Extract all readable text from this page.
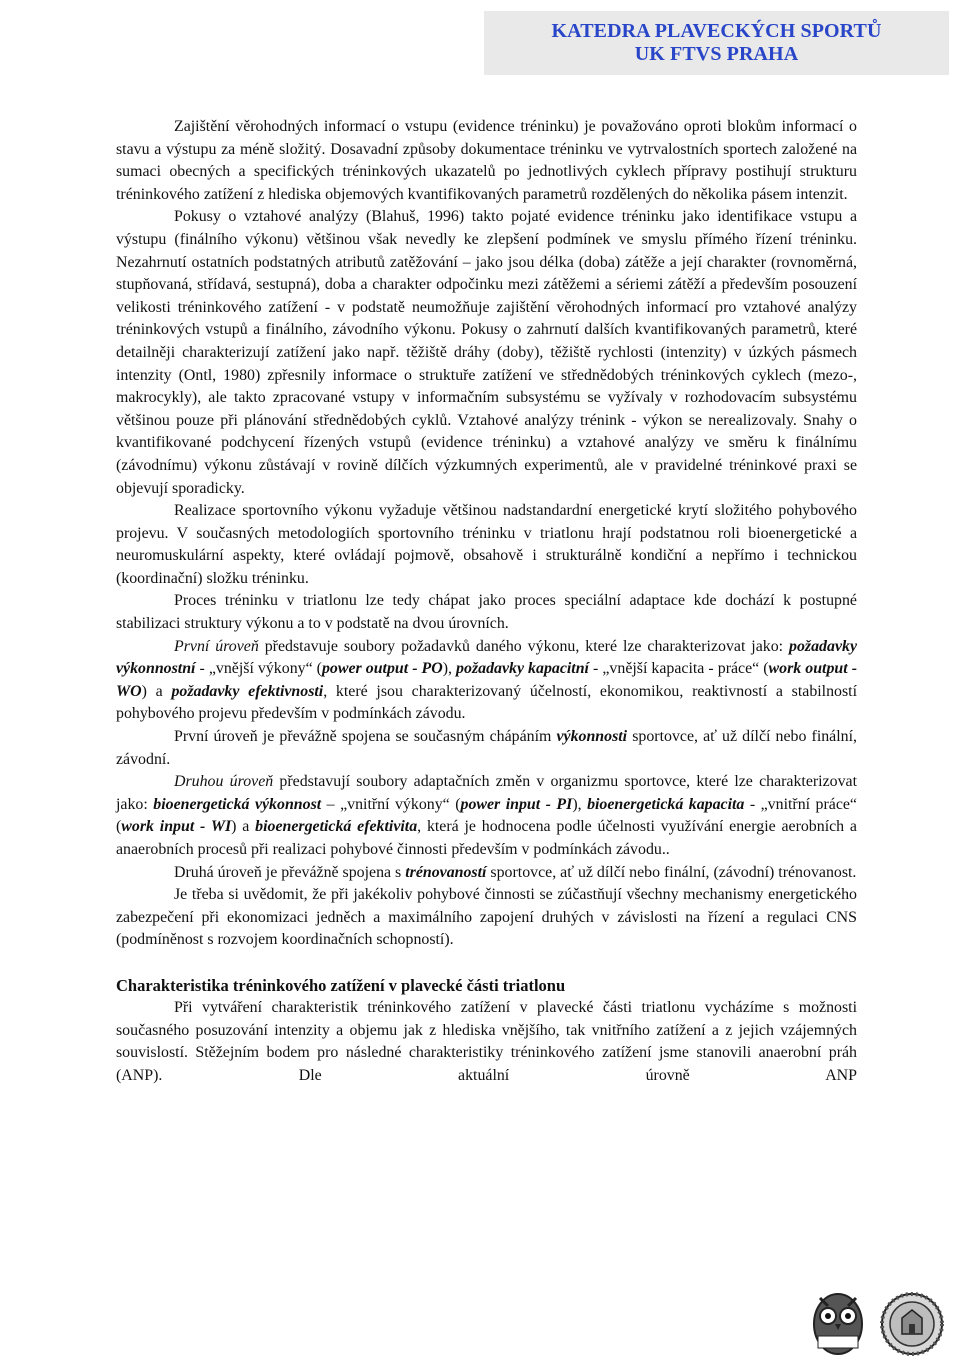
KATEDRA PLAVECKÝCH SPORTŮ
UK FTVS PRAHA

Zajištění věrohodných informací o vstupu (evidence tréninku) je považováno oproti blokům informací o stavu a výstupu za méně složitý. Dosavadní způsoby dokumentace tréninku ve vytrvalostních sportech založené na sumaci obecných a specifických tréninkových ukazatelů po jednotlivých cyklech přípravy postihují strukturu tréninkového zatížení z hlediska objemových kvantifikovaných parametrů rozdělených do několika pásem intenzit.

Pokusy o vztahové analýzy (Blahuš, 1996) takto pojaté evidence tréninku jako identifikace vstupu a výstupu (finálního výkonu) většinou však nevedly ke zlepšení podmínek ve smyslu přímého řízení tréninku. Nezahrnutí ostatních podstatných atributů zatěžování – jako jsou délka (doba) zátěže a její charakter (rovnoměrná, stupňovaná, střídavá, sestupná), doba a charakter odpočinku mezi zátěžemi a sériemi zátěží a především posouzení velikosti tréninkového zatížení - v podstatě neumožňuje zajištění věrohodných informací pro vztahové analýzy tréninkových vstupů a finálního, závodního výkonu. Pokusy o zahrnutí dalších kvantifikovaných parametrů, které detailněji charakterizují zatížení jako např. těžiště dráhy (doby), těžiště rychlosti (intenzity) v úzkých pásmech intenzity (Ontl, 1980) zpřesnily informace o struktuře zatížení ve střednědobých tréninkových cyklech (mezo-, makrocykly), ale takto zpracované vstupy v informačním subsystému se vyžívaly v rozhodovacím subsystému většinou pouze při plánování střednědobých cyklů. Vztahové analýzy trénink - výkon se nerealizovaly. Snahy o kvantifikované podchycení řízených vstupů (evidence tréninku) a vztahové analýzy ve směru k finálnímu (závodnímu) výkonu zůstávají v rovině dílčích výzkumných experimentů, ale v pravidelné tréninkové praxi se objevují sporadicky.

Realizace sportovního výkonu vyžaduje většinou nadstandardní energetické krytí složitého pohybového projevu. V současných metodologiích sportovního tréninku v triatlonu hrají podstatnou roli bioenergetické a neuromuskulární aspekty, které ovládají pojmově, obsahově i strukturálně kondiční a nepřímo i technickou (koordinační) složku tréninku.

Proces tréninku v triatlonu lze tedy chápat jako proces speciální adaptace kde dochází k postupné stabilizaci struktury výkonu a to v podstatě na dvou úrovních.

První úroveň představuje soubory požadavků daného výkonu, které lze charakterizovat jako: požadavky výkonnostní - „vnější výkony“ (power output - PO), požadavky kapacitní - „vnější kapacita - práce“ (work output - WO) a požadavky efektivnosti, které jsou charakterizovaný účelností, ekonomikou, reaktivností a stabilností pohybového projevu především v podmínkách závodu.

První úroveň je převážně spojena se současným chápáním výkonnosti sportovce, ať už dílčí nebo finální, závodní.

Druhou úroveň představují soubory adaptačních změn v organizmu sportovce, které lze charakterizovat jako: bioenergetická výkonnost – „vnitřní výkony“ (power input - PI), bioenergetická kapacita - „vnitřní práce“ (work input - WI) a bioenergetická efektivita, která je hodnocena podle účelnosti využívání energie aerobních a anaerobních procesů při realizaci pohybové činnosti především v podmínkách závodu..

Druhá úroveň je převážně spojena s trénovaností sportovce, ať už dílčí nebo finální, (závodní) trénovanost.

Je třeba si uvědomit, že při jakékoliv pohybové činnosti se zúčastňují všechny mechanismy energetického zabezpečení při ekonomizaci jedněch a maximálního zapojení druhých v závislosti na řízení a regulaci CNS (podmíněnost s rozvojem koordinačních schopností).

Charakteristika tréninkového zatížení v plavecké části triatlonu

Při vytváření charakteristik tréninkového zatížení v plavecké části triatlonu vycházíme s možnosti současného posuzování intenzity a objemu jak z hlediska vnějšího, tak vnitřního zatížení a z jejich vzájemných souvislostí. Stěžejním bodem pro následné charakteristiky tréninkového zatížení jsme stanovili anaerobní práh (ANP). Dle aktuální úrovně ANP
